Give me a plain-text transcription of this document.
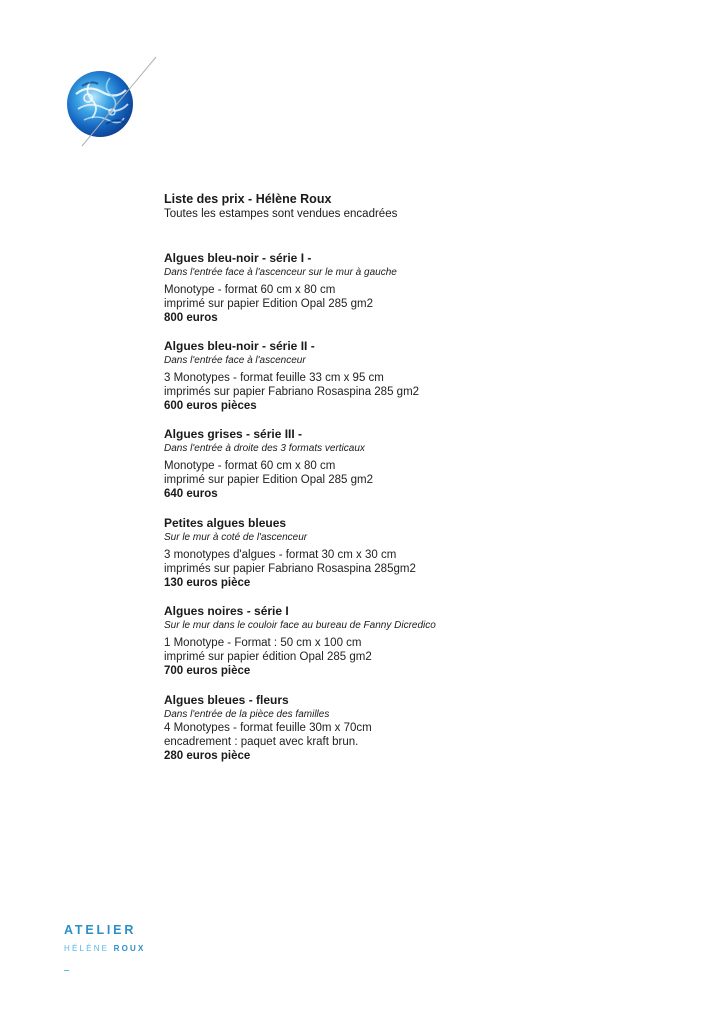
Liste des prix - Hélène Roux

Toutes les estampes sont vendues encadrées

Algues bleu-noir - série I -
Dans l'entrée face à l'ascenceur sur le mur à gauche
Monotype - format 60 cm x 80 cm
imprimé sur papier Edition Opal 285 gm2
800 euros
Algues bleu-noir - série II -
Dans l'entrée face à l'ascenceur
3 Monotypes - format feuille 33 cm x 95 cm
imprimés sur papier Fabriano Rosaspina 285 gm2
600 euros pièces
Algues grises - série III -
Dans l'entrée à droite des 3 formats verticaux
Monotype - format 60 cm x 80 cm
imprimé sur papier Edition Opal 285 gm2
640 euros
Petites algues bleues
Sur le mur à coté de l'ascenceur
3 monotypes d'algues - format 30 cm x 30 cm
imprimés sur papier Fabriano Rosaspina 285gm2
130 euros pièce
Algues noires - série I
Sur le mur dans le couloir face au bureau de Fanny Dicredico
1 Monotype - Format : 50 cm x 100 cm
imprimé sur papier édition Opal 285 gm2
700 euros pièce
Algues bleues - fleurs
Dans l'entrée de la pièce des familles
4 Monotypes - format feuille 30m x 70cm
encadrement : paquet avec kraft brun.
280 euros pièce
ATELIER
HÉLÈNE ROUX
